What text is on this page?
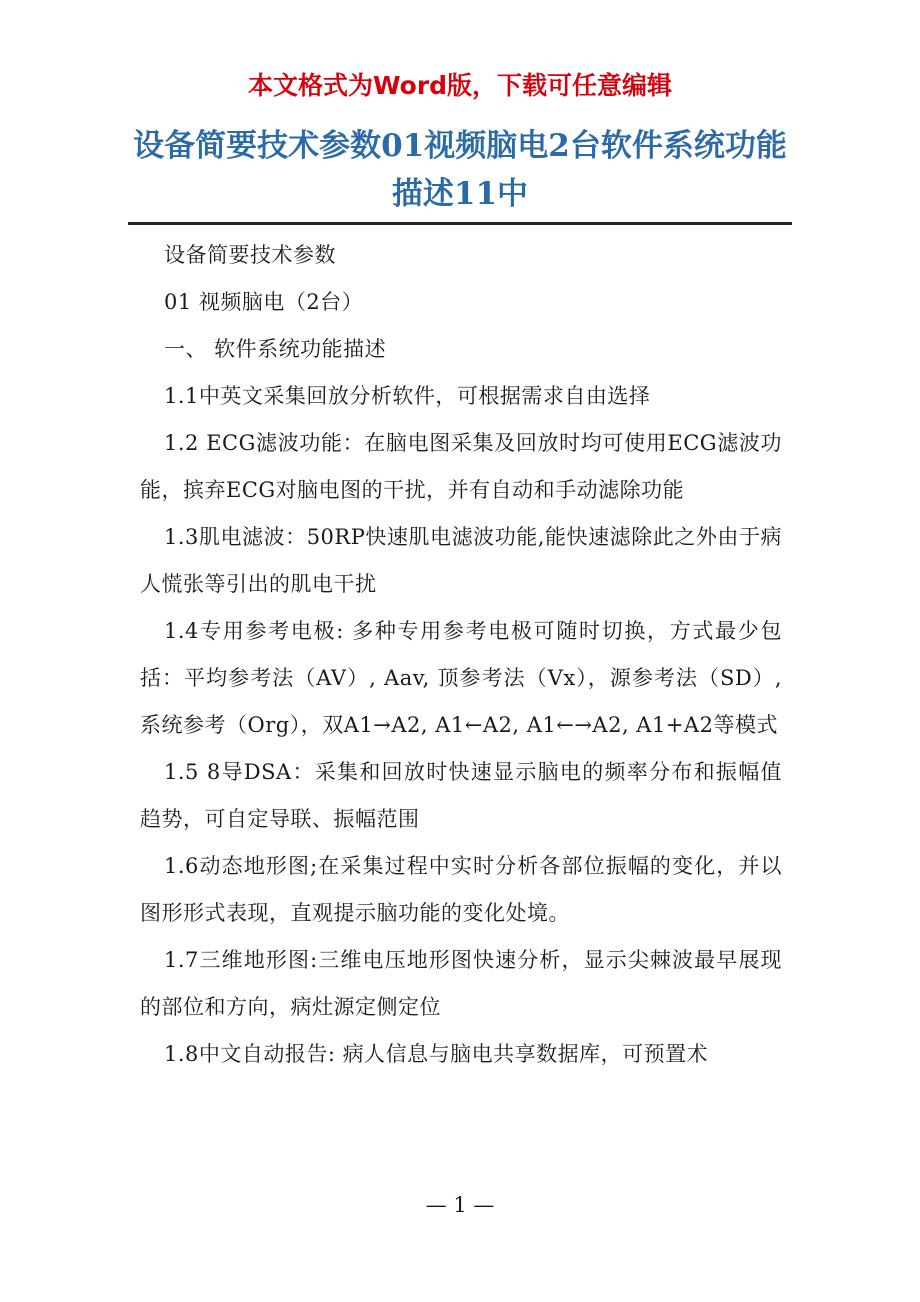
本文格式为Word版，下载可任意编辑
设备简要技术参数01视频脑电2台软件系统功能描述11中

设备简要技术参数

01 视频脑电（2台）

一、 软件系统功能描述

1.1中英文采集回放分析软件，可根据需求自由选择

1.2 ECG滤波功能：在脑电图采集及回放时均可使用ECG滤波功能，摈弃ECG对脑电图的干扰，并有自动和手动滤除功能

1.3肌电滤波：50RP快速肌电滤波功能,能快速滤除此之外由于病人慌张等引出的肌电干扰

1.4专用参考电极: 多种专用参考电极可随时切换，方式最少包括：平均参考法（AV）, Aav, 顶参考法（Vx），源参考法（SD）,系统参考（Org），双A1→A2, A1←A2, A1←→A2, A1+A2等模式

1.5 8导DSA：采集和回放时快速显示脑电的频率分布和振幅值趋势，可自定导联、振幅范围

1.6动态地形图;在采集过程中实时分析各部位振幅的变化，并以图形形式表现，直观提示脑功能的变化处境。

1.7三维地形图:三维电压地形图快速分析，显示尖棘波最早展现的部位和方向，病灶源定侧定位

1.8中文自动报告: 病人信息与脑电共享数据库，可预置术

— 1 —
